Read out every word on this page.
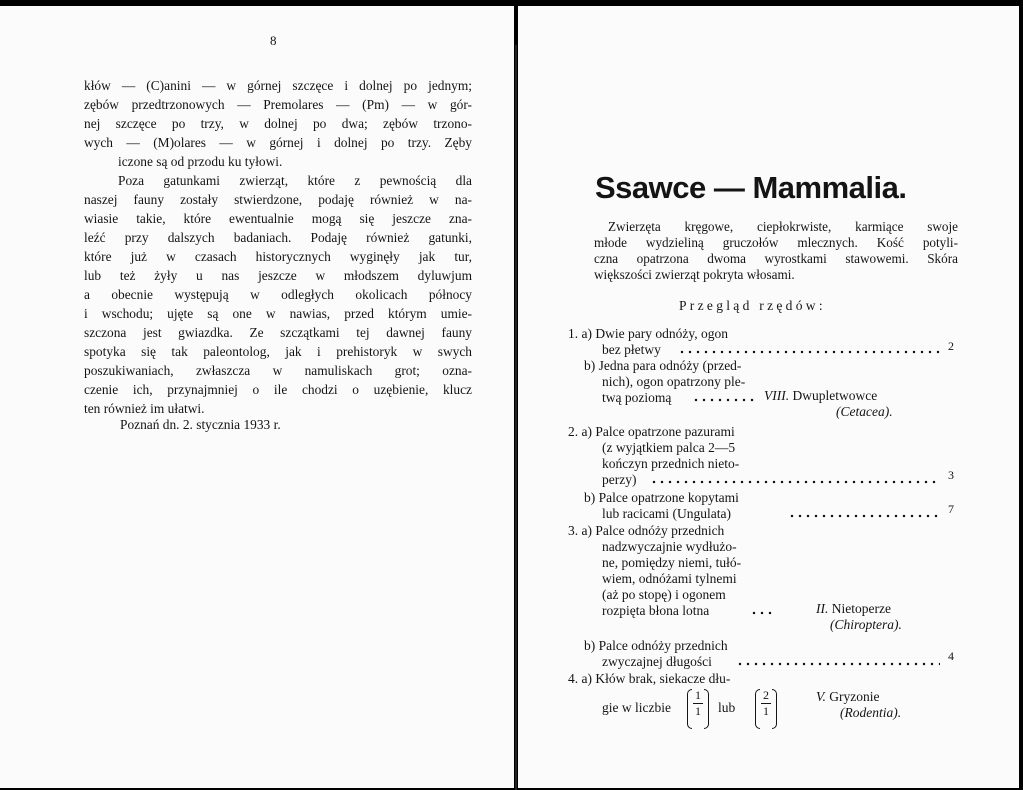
8
kłów — (C)anini — w górnej szczęce i dolnej po jednym;
zębów przedtrzonowych — Premolares — (Pm) — w gór-
nej szczęce po trzy, w dolnej po dwa; zębów trzono-
wych — (M)olares — w górnej i dolnej po trzy. Zęby
iczone są od przodu ku tyłowi.
Poza gatunkami zwierząt, które z pewnością dla
naszej fauny zostały stwierdzone, podaję również w na-
wiasie takie, które ewentualnie mogą się jeszcze zna-
leźć przy dalszych badaniach. Podaję również gatunki,
które już w czasach historycznych wyginęły jak tur,
lub też żyły u nas jeszcze w młodszem dyluwjum
a obecnie występują w odległych okolicach północy
i wschodu; ujęte są one w nawias, przed którym umie-
szczona jest gwiazdka. Ze szczątkami tej dawnej fauny
spotyka się tak paleontolog, jak i prehistoryk w swych
poszukiwaniach, zwłaszcza w namuliskach grot; ozna-
czenie ich, przynajmniej o ile chodzi o uzębienie, klucz
ten również im ułatwi.
Poznań dn. 2. stycznia 1933 r.
Ssawce — Mammalia.
Zwierzęta kręgowe, ciepłokrwiste, karmiące swoje
młode wydzieliną gruczołów mlecznych. Kość potyli-
czna opatrzona dwoma wyrostkami stawowemi. Skóra
większości zwierząt pokryta włosami.
Przegląd rzędów:
1. a) Dwie pary odnóży, ogon
bez płetwy	2
b) Jedna para odnóży (przed-
nich), ogon opatrzony ple-
twą poziomą	VIII. Dwupletwowce
(Cetacea).
2. a) Palce opatrzone pazurami
(z wyjątkiem palca 2—5
kończyn przednich nieto-
perzy)	3
b) Palce opatrzone kopytami
lub racicami (Ungulata)	7
3. a) Palce odnóży przednich
nadzwyczajnie wydłużo-
ne, pomiędzy niemi, tułó-
wiem, odnóżami tylnemi
(aż po stopę) i ogonem
rozpięta błona lotna	II. Nietoperze
(Chiroptera).
b) Palce odnóży przednich
zwyczajnej długości	4
4. a) Kłów brak, siekacze dłu-
gie w liczbie
1
1 lub
2
1
V. Gryzonie
(Rodentia).
